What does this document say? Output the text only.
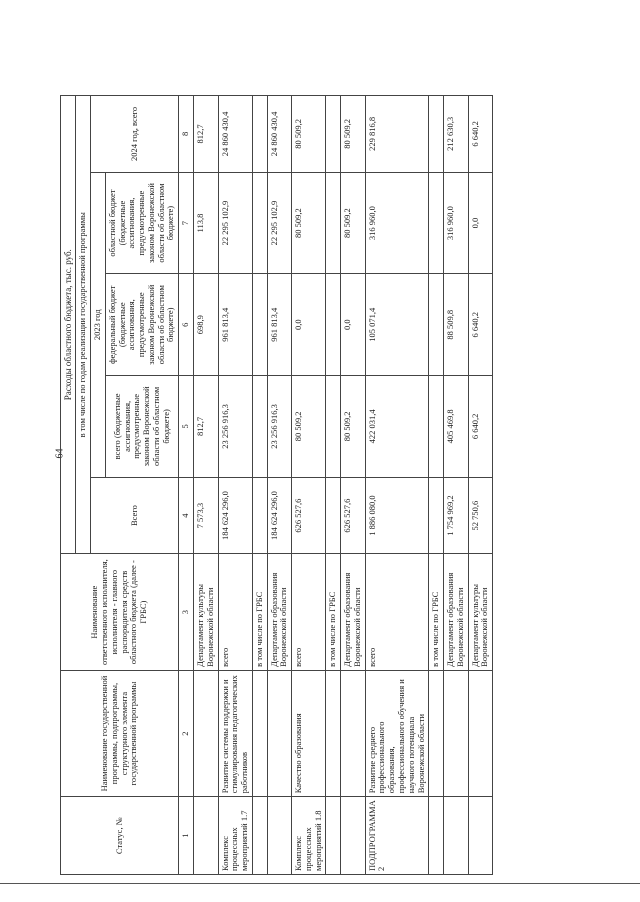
64
Статус, №	Наименование государственной программы, подпрограммы, структурного элемента государственной программы	Наименование ответственного исполнителя, исполнителя - главного распорядителя средств областного бюджета (далее - ГРБС)	Расходы областного бюджета, тыс. руб.				
			в том числе по годам реализации государственной программы				
			Всего	2023 год			2024 год, всего
				всего (бюджетные ассигнования, предусмотренные законом Воронежской области об областном бюджете)	федеральный бюджет (бюджетные ассигнования, предусмотренные законом Воронежской области об областном бюджете)	областной бюджет (бюджетные ассигнования, предусмотренные законом Воронежской области об областном бюджете)	
1	2	3	4	5	6	7	8
		Департамент культуры Воронежской области	7 573,3	812,7	698,9	113,8	812,7
Комплекс процессных мероприятий 1.7	Развитие системы поддержки и стимулирования педагогических работников	всего	184 624 296,0	23 256 916,3	961 813,4	22 295 102,9	24 860 430,4
		в том числе по ГРБС					
		Департамент образования Воронежской области	184 624 296,0	23 256 916,3	961 813,4	22 295 102,9	24 860 430,4
Комплекс процессных мероприятий 1.8	Качество образования	всего	626 527,6	80 509,2	0,0	80 509,2	80 509,2
		в том числе по ГРБС					
		Департамент образования Воронежской области	626 527,6	80 509,2	0,0	80 509,2	80 509,2
ПОДПРОГРАММА 2	Развитие среднего профессионального образования, профессионального обучения и научного потенциала Воронежской области	всего	1 886 080,0	422 031,4	105 071,4	316 960,0	229 816,8
		в том числе по ГРБС					
		Департамент образования Воронежской области	1 754 969,2	405 469,8	88 509,8	316 960,0	212 630,3
		Департамент культуры Воронежской области	52 750,6	6 640,2	6 640,2	0,0	6 640,2
